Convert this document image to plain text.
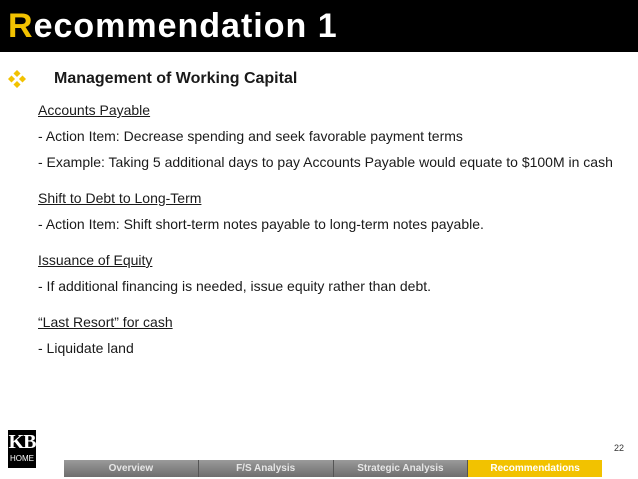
Recommendation 1
Management of Working Capital
Accounts Payable
- Action Item: Decrease spending and seek favorable payment terms
- Example: Taking 5 additional days to pay Accounts Payable would equate to $100M in cash
Shift to Debt to Long-Term
- Action Item: Shift short-term notes payable to long-term notes payable.
Issuance of Equity
- If additional financing is needed, issue equity rather than debt.
“Last Resort” for cash
- Liquidate land
KB
HOME
22
Overview	F/S Analysis	Strategic Analysis	Recommendations
